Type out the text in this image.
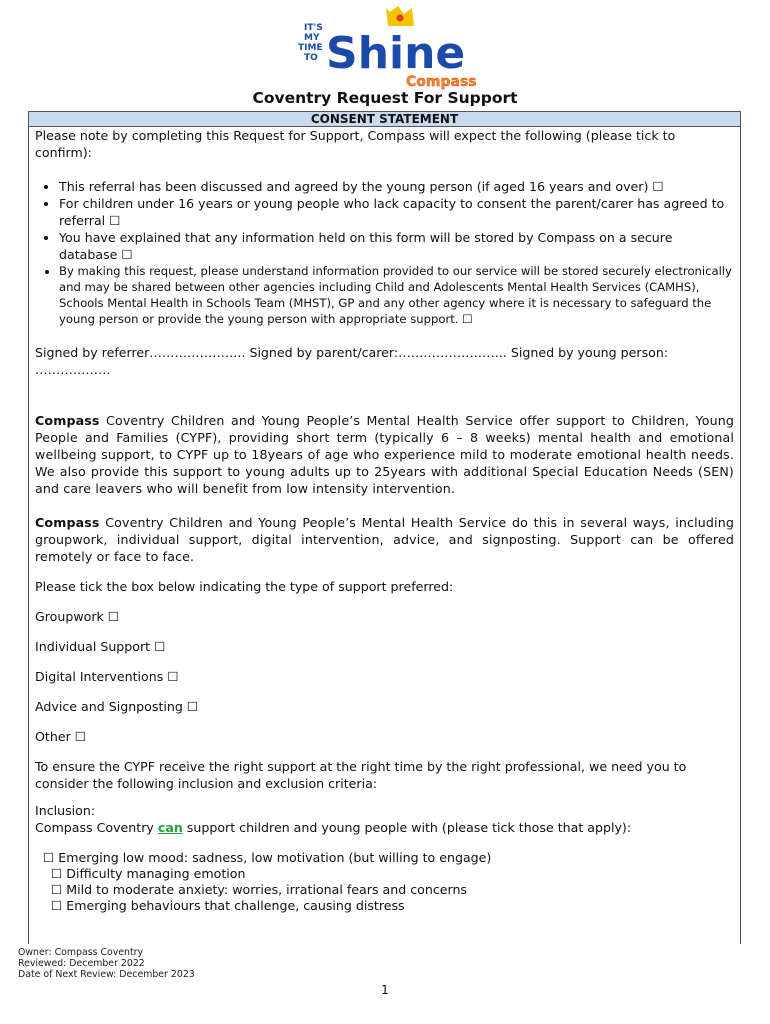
IT'S
MY
TIME
TO Shine
Compass
Coventry Request For Support
CONSENT STATEMENT

Please note by completing this Request for Support, Compass will expect the following (please tick to confirm):

• This referral has been discussed and agreed by the young person (if aged 16 years and over) ☐
• For children under 16 years or young people who lack capacity to consent the parent/carer has agreed to referral ☐
• You have explained that any information held on this form will be stored by Compass on a secure database ☐
• By making this request, please understand information provided to our service will be stored securely electronically and may be shared between other agencies including Child and Adolescents Mental Health Services (CAMHS), Schools Mental Health in Schools Team (MHST), GP and any other agency where it is necessary to safeguard the young person or provide the young person with appropriate support. ☐

Signed by referrer………………….. Signed by parent/carer:…………………….. Signed by young person: ………………

Compass Coventry Children and Young People’s Mental Health Service offer support to Children, Young People and Families (CYPF), providing short term (typically 6 – 8 weeks) mental health and emotional wellbeing support, to CYPF up to 18years of age who experience mild to moderate emotional health needs. We also provide this support to young adults up to 25years with additional Special Education Needs (SEN) and care leavers who will benefit from low intensity intervention.

Compass Coventry Children and Young People’s Mental Health Service do this in several ways, including groupwork, individual support, digital intervention, advice, and signposting. Support can be offered remotely or face to face.

Please tick the box below indicating the type of support preferred:

Groupwork ☐

Individual Support ☐

Digital Interventions ☐

Advice and Signposting ☐

Other ☐

To ensure the CYPF receive the right support at the right time by the right professional, we need you to consider the following inclusion and exclusion criteria:

Inclusion:

Compass Coventry can support children and young people with (please tick those that apply):

☐ Emerging low mood: sadness, low motivation (but willing to engage)
☐ Difficulty managing emotion
☐ Mild to moderate anxiety: worries, irrational fears and concerns
☐ Emerging behaviours that challenge, causing distress
Owner: Compass Coventry
Reviewed: December 2022
Date of Next Review: December 2023
1
